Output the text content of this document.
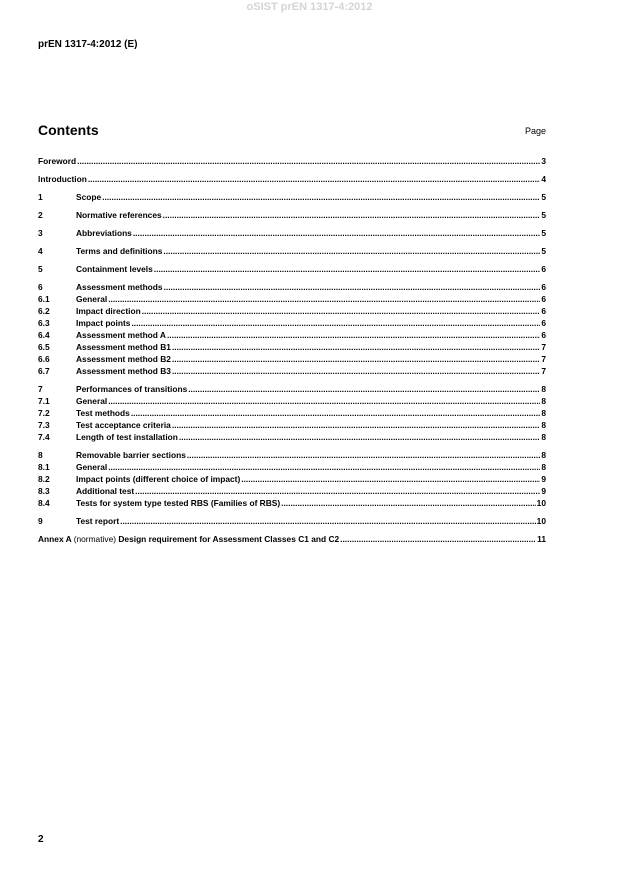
oSIST prEN 1317-4:2012
prEN 1317-4:2012 (E)
Contents	Page
Foreword .....	3
Introduction .....	4
1	Scope .....	5
2	Normative references .....	5
3	Abbreviations .....	5
4	Terms and definitions .....	5
5	Containment levels .....	6
6	Assessment methods .....	6
6.1	General .....	6
6.2	Impact direction .....	6
6.3	Impact points .....	6
6.4	Assessment method A .....	6
6.5	Assessment method B1 .....	7
6.6	Assessment method B2 .....	7
6.7	Assessment method B3 .....	7
7	Performances of transitions .....	8
7.1	General .....	8
7.2	Test methods .....	8
7.3	Test acceptance criteria .....	8
7.4	Length of test installation .....	8
8	Removable barrier sections .....	8
8.1	General .....	8
8.2	Impact points (different choice of impact) .....	9
8.3	Additional test .....	9
8.4	Tests for system type tested RBS (Families of RBS) .....	10
9	Test report .....	10
Annex A (normative) Design requirement for Assessment Classes C1 and C2 .....	11
2
